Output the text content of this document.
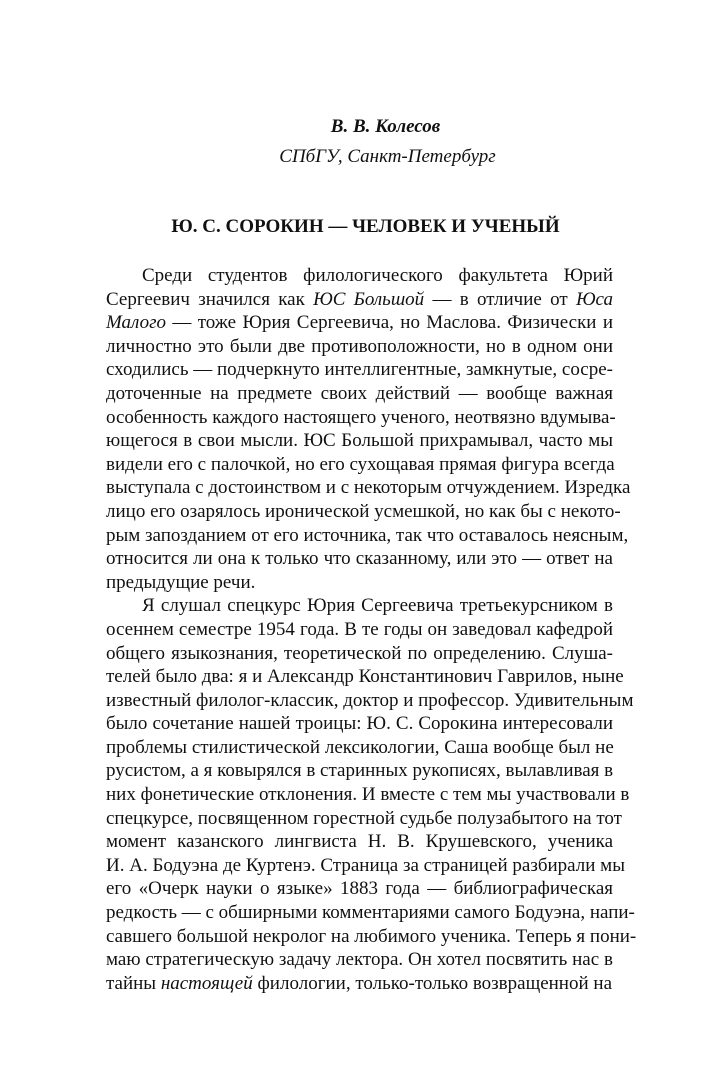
В. В. Колесов

СПбГУ, Санкт-Петербург

Ю. С. СОРОКИН — ЧЕЛОВЕК И УЧЕНЫЙ
Среди студентов филологического факультета Юрий
Сергеевич значился как ЮС Большой — в отличие от Юса
Малого — тоже Юрия Сергеевича, но Маслова. Физически и
личностно это были две противоположности, но в одном они
сходились — подчеркнуто интеллигентные, замкнутые, сосре-
доточенные на предмете своих действий — вообще важная
особенность каждого настоящего ученого, неотвязно вдумыва-
ющегося в свои мысли. ЮС Большой прихрамывал, часто мы
видели его с палочкой, но его сухощавая прямая фигура всегда
выступала с достоинством и с некоторым отчуждением. Изредка
лицо его озарялось иронической усмешкой, но как бы с некото-
рым запозданием от его источника, так что оставалось неясным,
относится ли она к только что сказанному, или это — ответ на
предыдущие речи.
Я слушал спецкурс Юрия Сергеевича третьекурсником в
осеннем семестре 1954 года. В те годы он заведовал кафедрой
общего языкознания, теоретической по определению. Слуша-
телей было два: я и Александр Константинович Гаврилов, ныне
известный филолог-классик, доктор и профессор. Удивительным
было сочетание нашей троицы: Ю. С. Сорокина интересовали
проблемы стилистической лексикологии, Саша вообще был не
русистом, а я ковырялся в старинных рукописях, вылавливая в
них фонетические отклонения. И вместе с тем мы участвовали в
спецкурсе, посвященном горестной судьбе полузабытого на тот
момент казанского лингвиста Н. В. Крушевского, ученика
И. А. Бодуэна де Куртенэ. Страница за страницей разбирали мы
его «Очерк науки о языке» 1883 года — библиографическая
редкость — с обширными комментариями самого Бодуэна, напи-
савшего большой некролог на любимого ученика. Теперь я пони-
маю стратегическую задачу лектора. Он хотел посвятить нас в
тайны настоящей филологии, только-только возвращенной на
